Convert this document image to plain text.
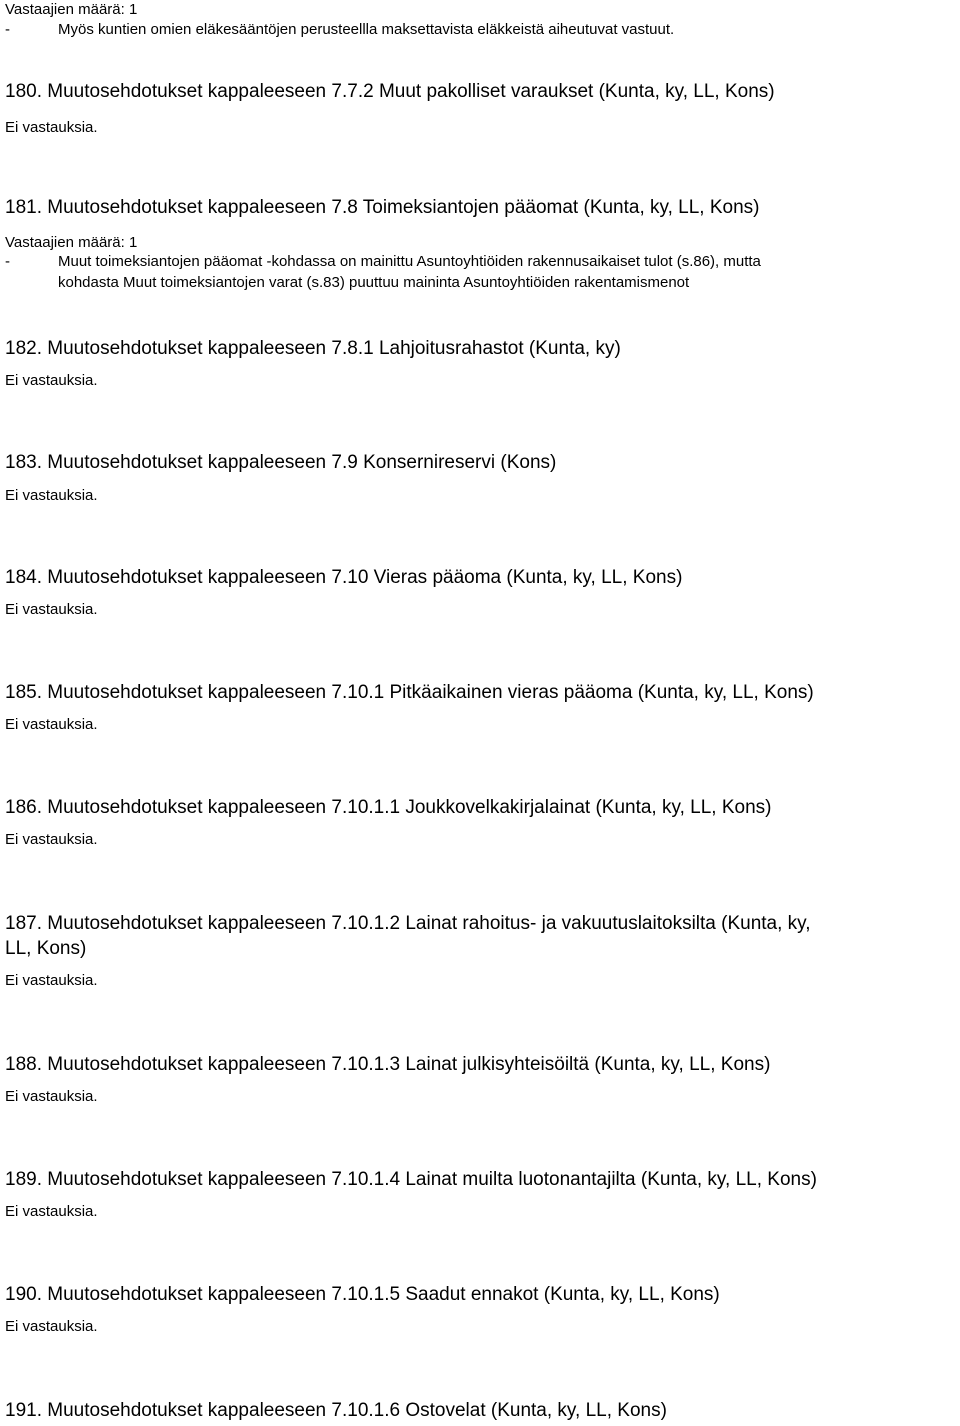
Vastaajien määrä: 1
-	Myös kuntien omien eläkesääntöjen perusteellla maksettavista eläkkeistä aiheutuvat vastuut.
180. Muutosehdotukset kappaleeseen 7.7.2 Muut pakolliset varaukset (Kunta, ky, LL, Kons)
Ei vastauksia.
181. Muutosehdotukset kappaleeseen 7.8 Toimeksiantojen pääomat (Kunta, ky, LL, Kons)
Vastaajien määrä: 1
-	Muut toimeksiantojen pääomat -kohdassa on mainittu Asuntoyhtiöiden rakennusaikaiset tulot (s.86), mutta
kohdasta Muut toimeksiantojen varat (s.83) puuttuu maininta Asuntoyhtiöiden rakentamismenot
182. Muutosehdotukset kappaleeseen 7.8.1 Lahjoitusrahastot (Kunta, ky)
Ei vastauksia.
183. Muutosehdotukset kappaleeseen 7.9 Konsernireservi (Kons)
Ei vastauksia.
184. Muutosehdotukset kappaleeseen 7.10 Vieras pääoma (Kunta, ky, LL, Kons)
Ei vastauksia.
185. Muutosehdotukset kappaleeseen 7.10.1 Pitkäaikainen vieras pääoma (Kunta, ky, LL, Kons)
Ei vastauksia.
186. Muutosehdotukset kappaleeseen 7.10.1.1 Joukkovelkakirjalainat (Kunta, ky, LL, Kons)
Ei vastauksia.
187. Muutosehdotukset kappaleeseen 7.10.1.2 Lainat rahoitus- ja vakuutuslaitoksilta (Kunta, ky,
LL, Kons)
Ei vastauksia.
188. Muutosehdotukset kappaleeseen 7.10.1.3 Lainat julkisyhteisöiltä (Kunta, ky, LL, Kons)
Ei vastauksia.
189. Muutosehdotukset kappaleeseen 7.10.1.4 Lainat muilta luotonantajilta (Kunta, ky, LL, Kons)
Ei vastauksia.
190. Muutosehdotukset kappaleeseen 7.10.1.5 Saadut ennakot (Kunta, ky, LL, Kons)
Ei vastauksia.
191. Muutosehdotukset kappaleeseen 7.10.1.6 Ostovelat (Kunta, ky, LL, Kons)
